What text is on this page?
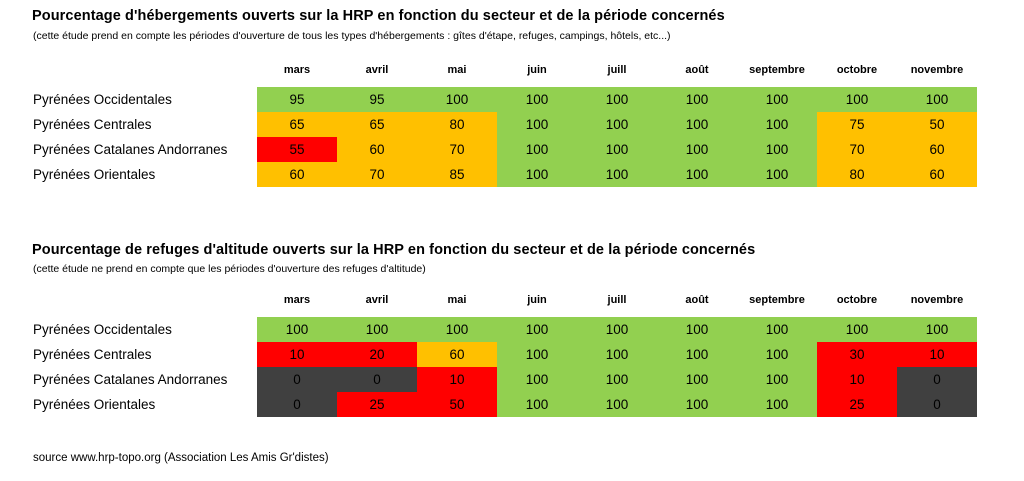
Pourcentage d'hébergements ouverts sur la HRP en fonction du secteur et de la période concernés
(cette étude prend en compte les périodes d'ouverture de tous les types d'hébergements : gîtes d'étape, refuges, campings, hôtels, etc...)
mars	avril	mai	juin	juill	août	septembre	octobre	novembre
Pyrénées Occidentales	95	95	100	100	100	100	100	100	100
Pyrénées Centrales	65	65	80	100	100	100	100	75	50
Pyrénées Catalanes Andorranes	55	60	70	100	100	100	100	70	60
Pyrénées Orientales	60	70	85	100	100	100	100	80	60
Pourcentage de refuges d'altitude ouverts sur la HRP en fonction du secteur et de la période concernés
(cette étude ne prend en compte que les périodes d'ouverture des refuges d'altitude)
mars	avril	mai	juin	juill	août	septembre	octobre	novembre
Pyrénées Occidentales	100	100	100	100	100	100	100	100	100
Pyrénées Centrales	10	20	60	100	100	100	100	30	10
Pyrénées Catalanes Andorranes	0	0	10	100	100	100	100	10	0
Pyrénées Orientales	0	25	50	100	100	100	100	25	0
source www.hrp-topo.org (Association Les Amis Gr'distes)
